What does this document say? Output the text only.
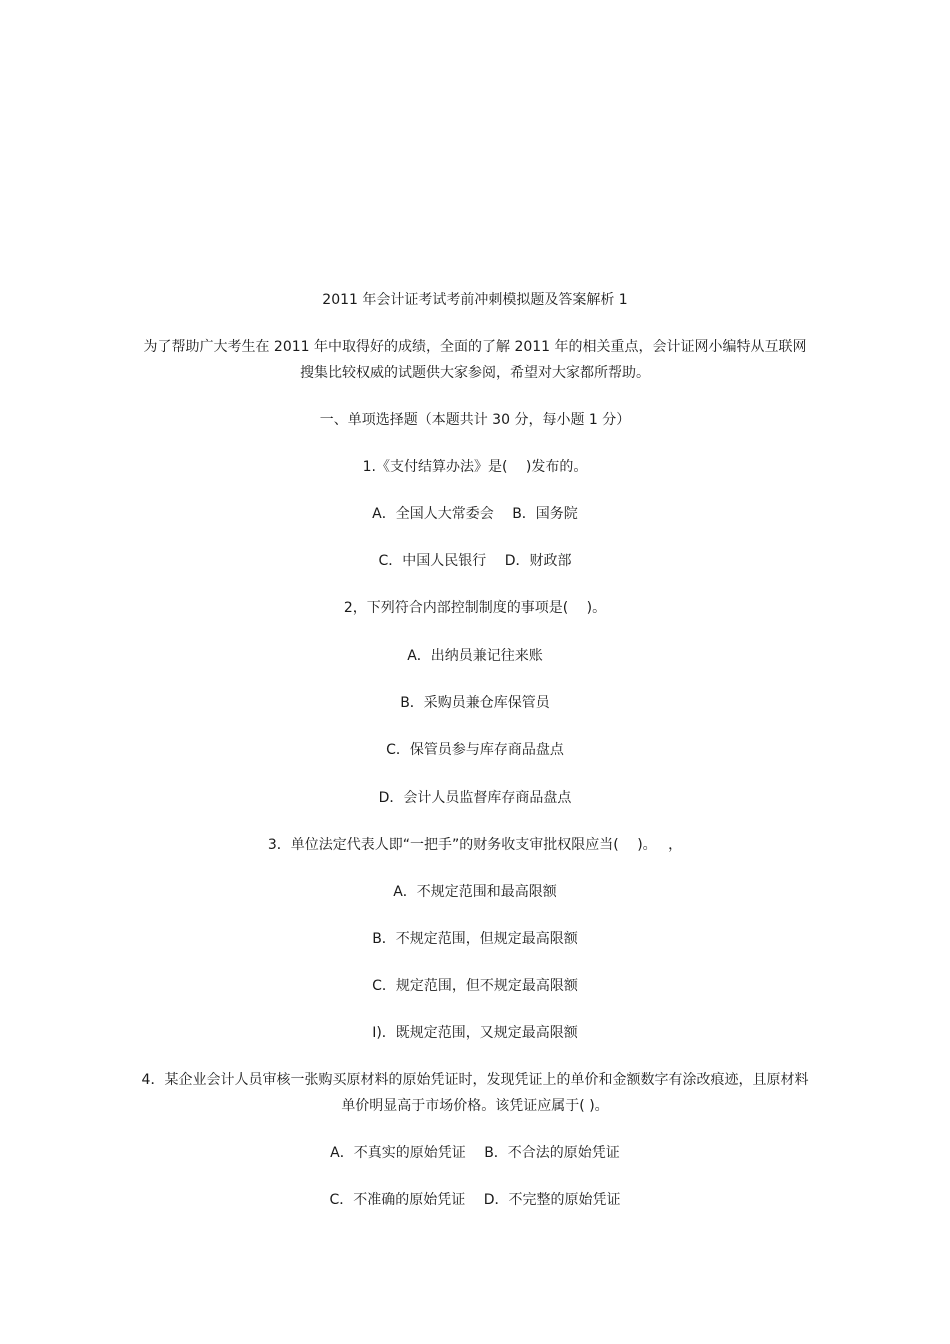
2011 年会计证考试考前冲刺模拟题及答案解析 1
为了帮助广大考生在 2011 年中取得好的成绩，全面的了解 2011 年的相关重点，会计证网小编特从互联网搜集比较权威的试题供大家参阅，希望对大家都所帮助。
一、单项选择题（本题共计 30 分，每小题 1 分）
1.《支付结算办法》是(　 )发布的。
A．全国人大常委会　 B．国务院
C．中国人民银行　 D．财政部
2，下列符合内部控制制度的事项是(　 )。
A．出纳员兼记往来账
B．采购员兼仓库保管员
C．保管员参与库存商品盘点
D．会计人员监督库存商品盘点
3．单位法定代表人即“一把手”的财务收支审批权限应当(　 )。　 ，
A．不规定范围和最高限额
B．不规定范围，但规定最高限额
C．规定范围，但不规定最高限额
I)．既规定范围，又规定最高限额
4．某企业会计人员审核一张购买原材料的原始凭证时，发现凭证上的单价和金额数字有涂改痕迹，且原材料单价明显高于市场价格。该凭证应属于( )。
A．不真实的原始凭证　 B．不合法的原始凭证
C．不准确的原始凭证　 D．不完整的原始凭证
